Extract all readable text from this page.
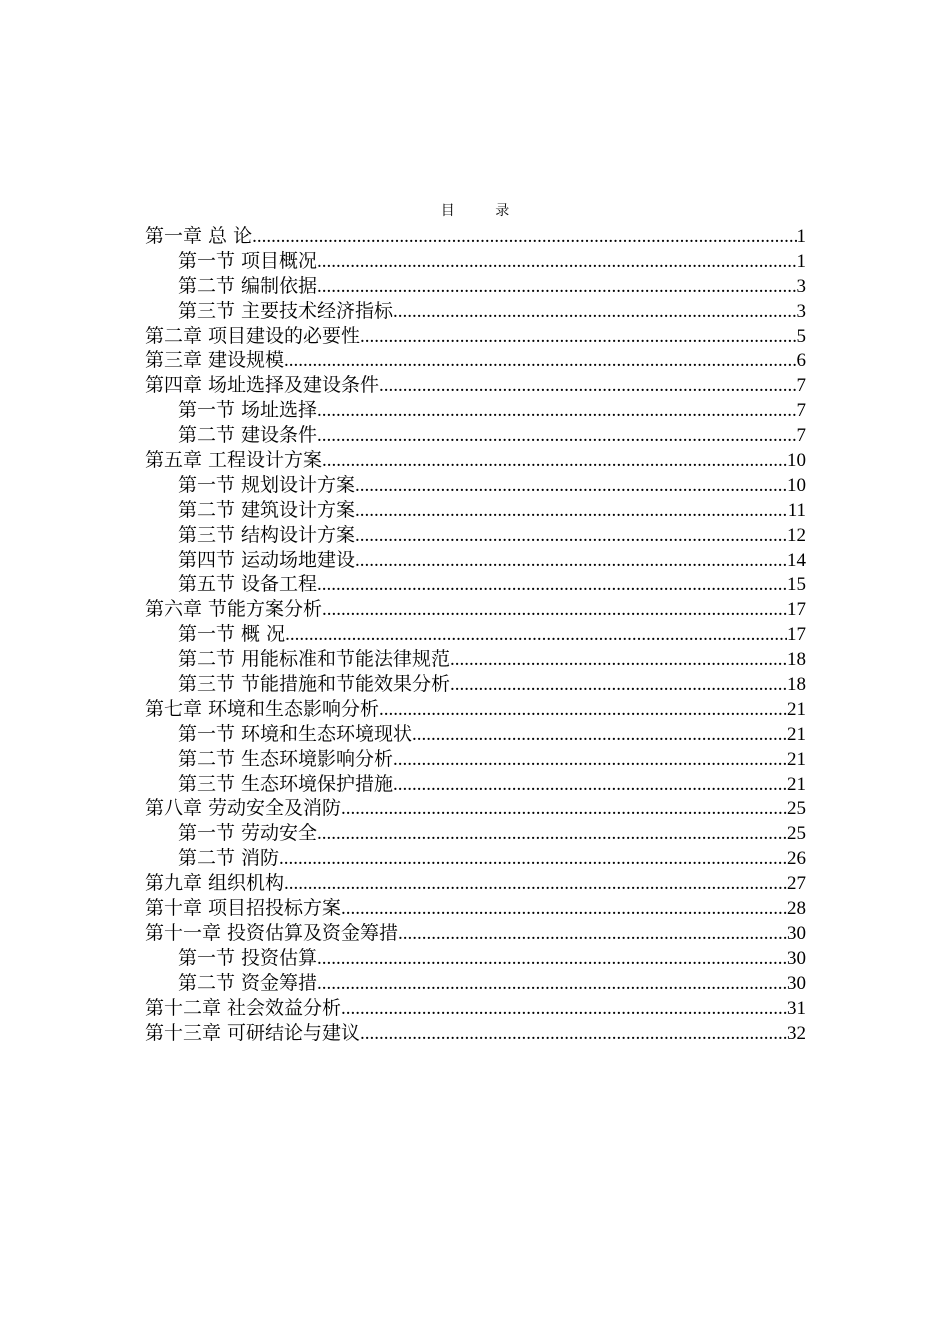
目 录
第一章 总 论 .....	1
第一节 项目概况 .....	1
第二节 编制依据 .....	3
第三节 主要技术经济指标 .....	3
第二章 项目建设的必要性 .....	5
第三章 建设规模 .....	6
第四章 场址选择及建设条件 .....	7
第一节 场址选择 .....	7
第二节 建设条件 .....	7
第五章 工程设计方案 .....	10
第一节 规划设计方案 .....	10
第二节 建筑设计方案 .....	11
第三节 结构设计方案 .....	12
第四节 运动场地建设 .....	14
第五节 设备工程 .....	15
第六章 节能方案分析 .....	17
第一节 概 况 .....	17
第二节 用能标准和节能法律规范 .....	18
第三节 节能措施和节能效果分析 .....	18
第七章 环境和生态影响分析 .....	21
第一节 环境和生态环境现状 .....	21
第二节 生态环境影响分析 .....	21
第三节 生态环境保护措施 .....	21
第八章 劳动安全及消防 .....	25
第一节 劳动安全 .....	25
第二节 消防 .....	26
第九章 组织机构 .....	27
第十章 项目招投标方案 .....	28
第十一章 投资估算及资金筹措 .....	30
第一节 投资估算 .....	30
第二节 资金筹措 .....	30
第十二章 社会效益分析 .....	31
第十三章 可研结论与建议 .....	32
